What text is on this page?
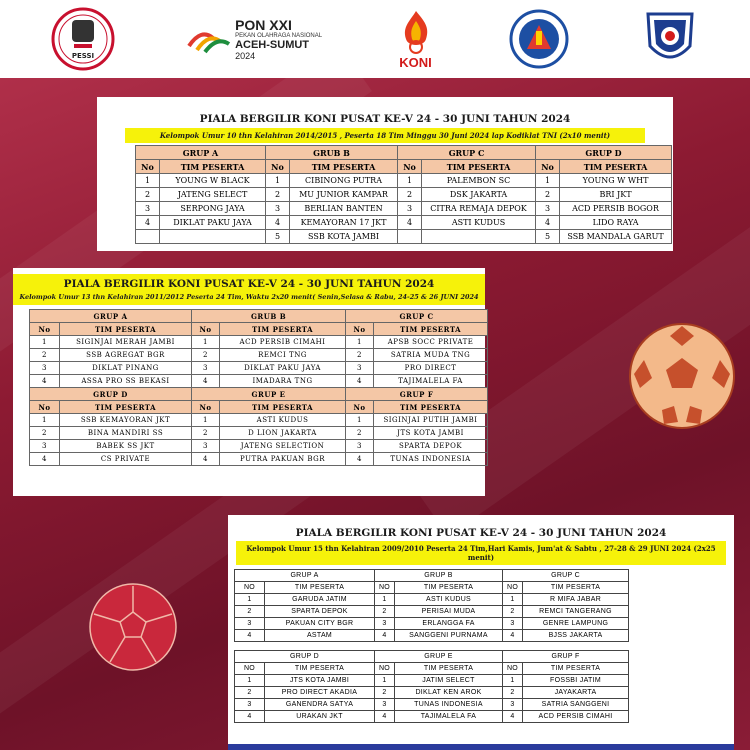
PESSI
PON XXI
PEKAN OLAHRAGA NASIONAL
ACEH-SUMUT
2024	KONI
PIALA BERGILIR KONI PUSAT KE-V 24 - 30 JUNI TAHUN 2024
Kelompok Umur 10 thn Kelahiran 2014/2015 , Peserta 18 Tim Minggu 30 Juni 2024 lap Kodiklat TNI (2x10 menit)
GRUP A		GRUB B		GRUP C		GRUP D	
No	TIM PESERTA	No	TIM PESERTA	No	TIM PESERTA	No	TIM PESERTA
1	YOUNG W BLACK	1	CIBINONG PUTRA	1	PALEMBON SC	1	YOUNG W WHT
2	JATENG SELECT	2	MU JUNIOR KAMPAR	2	DSK JAKARTA	2	BRI JKT
3	SERPONG JAYA	3	BERLIAN BANTEN	3	CITRA REMAJA DEPOK	3	ACD PERSIB BOGOR
4	DIKLAT PAKU JAYA	4	KEMAYORAN 17 JKT	4	ASTI KUDUS	4	LIDO RAYA
		5	SSB KOTA JAMBI			5	SSB MANDALA GARUT
PIALA BERGILIR KONI PUSAT KE-V 24 - 30 JUNI TAHUN 2024
Kelompok Umur 13 thn Kelahiran 2011/2012 Peserta 24 Tim, Waktu 2x20 menit( Senin,Selasa & Rabu, 24-25 & 26 JUNI 2024
GRUP A		GRUB B		GRUP C	
No	TIM PESERTA	No	TIM PESERTA	No	TIM PESERTA
1	SIGINJAI MERAH JAMBI	1	ACD PERSIB CIMAHI	1	APSB SOCC PRIVATE
2	SSB AGREGAT BGR	2	REMCI TNG	2	SATRIA MUDA TNG
3	DIKLAT PINANG	3	DIKLAT PAKU JAYA	3	PRO DIRECT
4	ASSA PRO SS BEKASI	4	IMADARA TNG	4	TAJIMALELA FA
GRUP D		GRUP E		GRUP F	
No	TIM PESERTA	No	TIM PESERTA	No	TIM PESERTA
1	SSB KEMAYORAN JKT	1	ASTI KUDUS	1	SIGINJAI PUTIH JAMBI
2	BINA MANDIRI SS	2	D LION JAKARTA	2	JTS KOTA JAMBI
3	BABEK SS JKT	3	JATENG SELECTION	3	SPARTA DEPOK
4	CS PRIVATE	4	PUTRA PAKUAN BGR	4	TUNAS INDONESIA
PIALA BERGILIR KONI PUSAT KE-V 24 - 30 JUNI TAHUN 2024
Kelompok Umur 15 thn Kelahiran 2009/2010 Peserta 24 Tim,Hari Kamis, Jum'at & Sabtu , 27-28 & 29 JUNI 2024 (2x25 menit)
GRUP A		GRUP B		GRUP C	
NO	TIM PESERTA	NO	TIM PESERTA	NO	TIM PESERTA
1	GARUDA JATIM	1	ASTI KUDUS	1	R MIFA JABAR
2	SPARTA DEPOK	2	PERISAI MUDA	2	REMCI TANGERANG
3	PAKUAN CITY BGR	3	ERLANGGA FA	3	GENRE LAMPUNG
4	ASTAM	4	SANGGENI PURNAMA	4	BJSS JAKARTA
GRUP D		GRUP E		GRUP F	
NO	TIM PESERTA	NO	TIM PESERTA	NO	TIM PESERTA
1	JTS KOTA JAMBI	1	JATIM SELECT	1	FOSSBI JATIM
2	PRO DIRECT AKADIA	2	DIKLAT KEN AROK	2	JAYAKARTA
3	GANENDRA SATYA	3	TUNAS INDONESIA	3	SATRIA SANGGENI
4	URAKAN JKT	4	TAJIMALELA FA	4	ACD PERSIB CIMAHI
